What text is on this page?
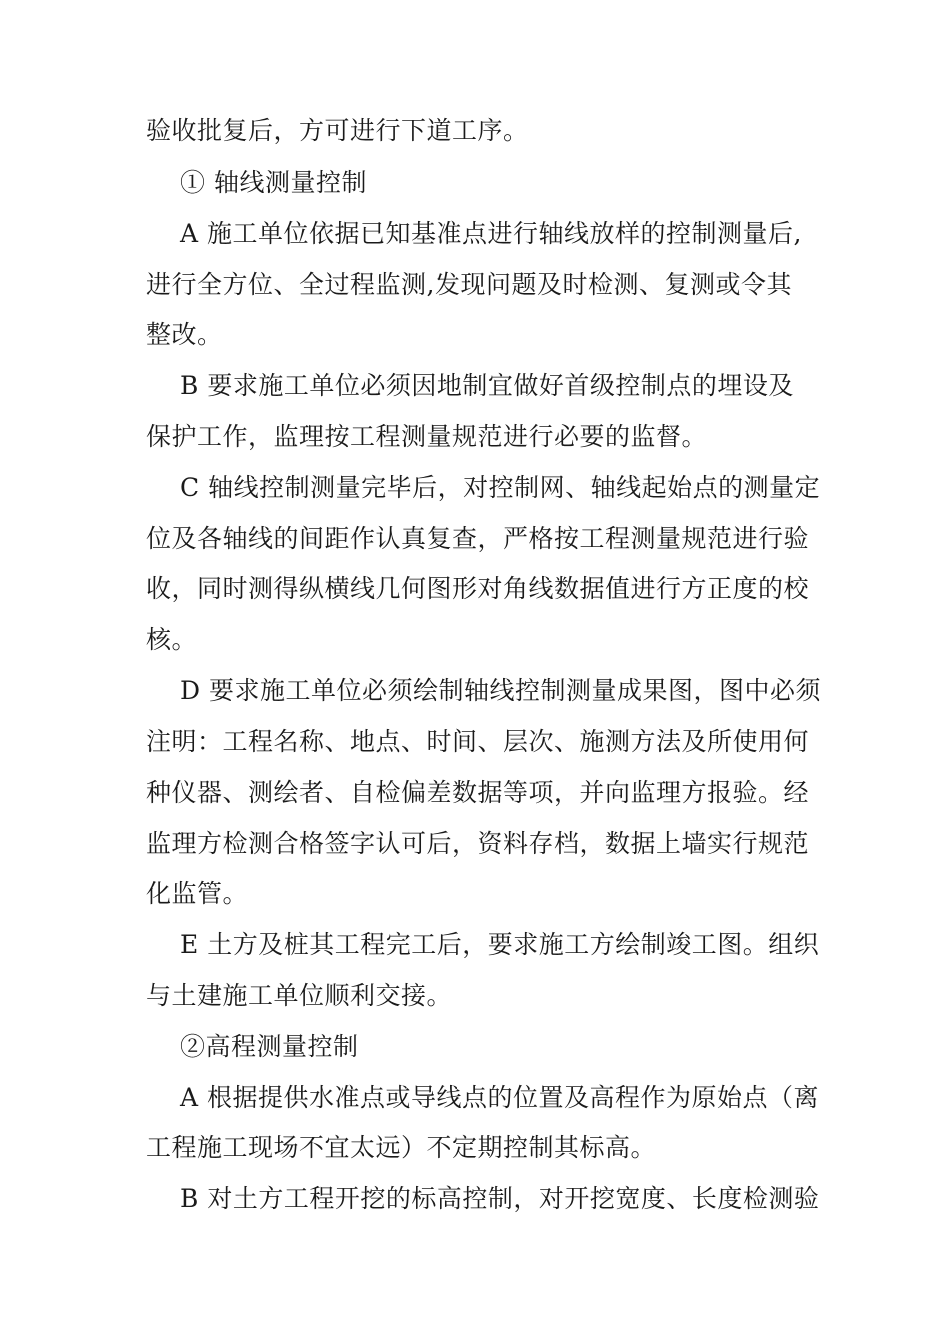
验收批复后，方可进行下道工序。
① 轴线测量控制
A 施工单位依据已知基准点进行轴线放样的控制测量后,
进行全方位、全过程监测,发现问题及时检测、复测或令其
整改。
B 要求施工单位必须因地制宜做好首级控制点的埋设及
保护工作，监理按工程测量规范进行必要的监督。
C 轴线控制测量完毕后，对控制网、轴线起始点的测量定
位及各轴线的间距作认真复查，严格按工程测量规范进行验
收，同时测得纵横线几何图形对角线数据值进行方正度的校
核。
D 要求施工单位必须绘制轴线控制测量成果图，图中必须
注明：工程名称、地点、时间、层次、施测方法及所使用何
种仪器、测绘者、自检偏差数据等项，并向监理方报验。经
监理方检测合格签字认可后，资料存档，数据上墙实行规范
化监管。
E 土方及桩其工程完工后，要求施工方绘制竣工图。组织
与土建施工单位顺利交接。
②高程测量控制
A 根据提供水准点或导线点的位置及高程作为原始点（离
工程施工现场不宜太远）不定期控制其标高。
B 对土方工程开挖的标高控制，对开挖宽度、长度检测验
